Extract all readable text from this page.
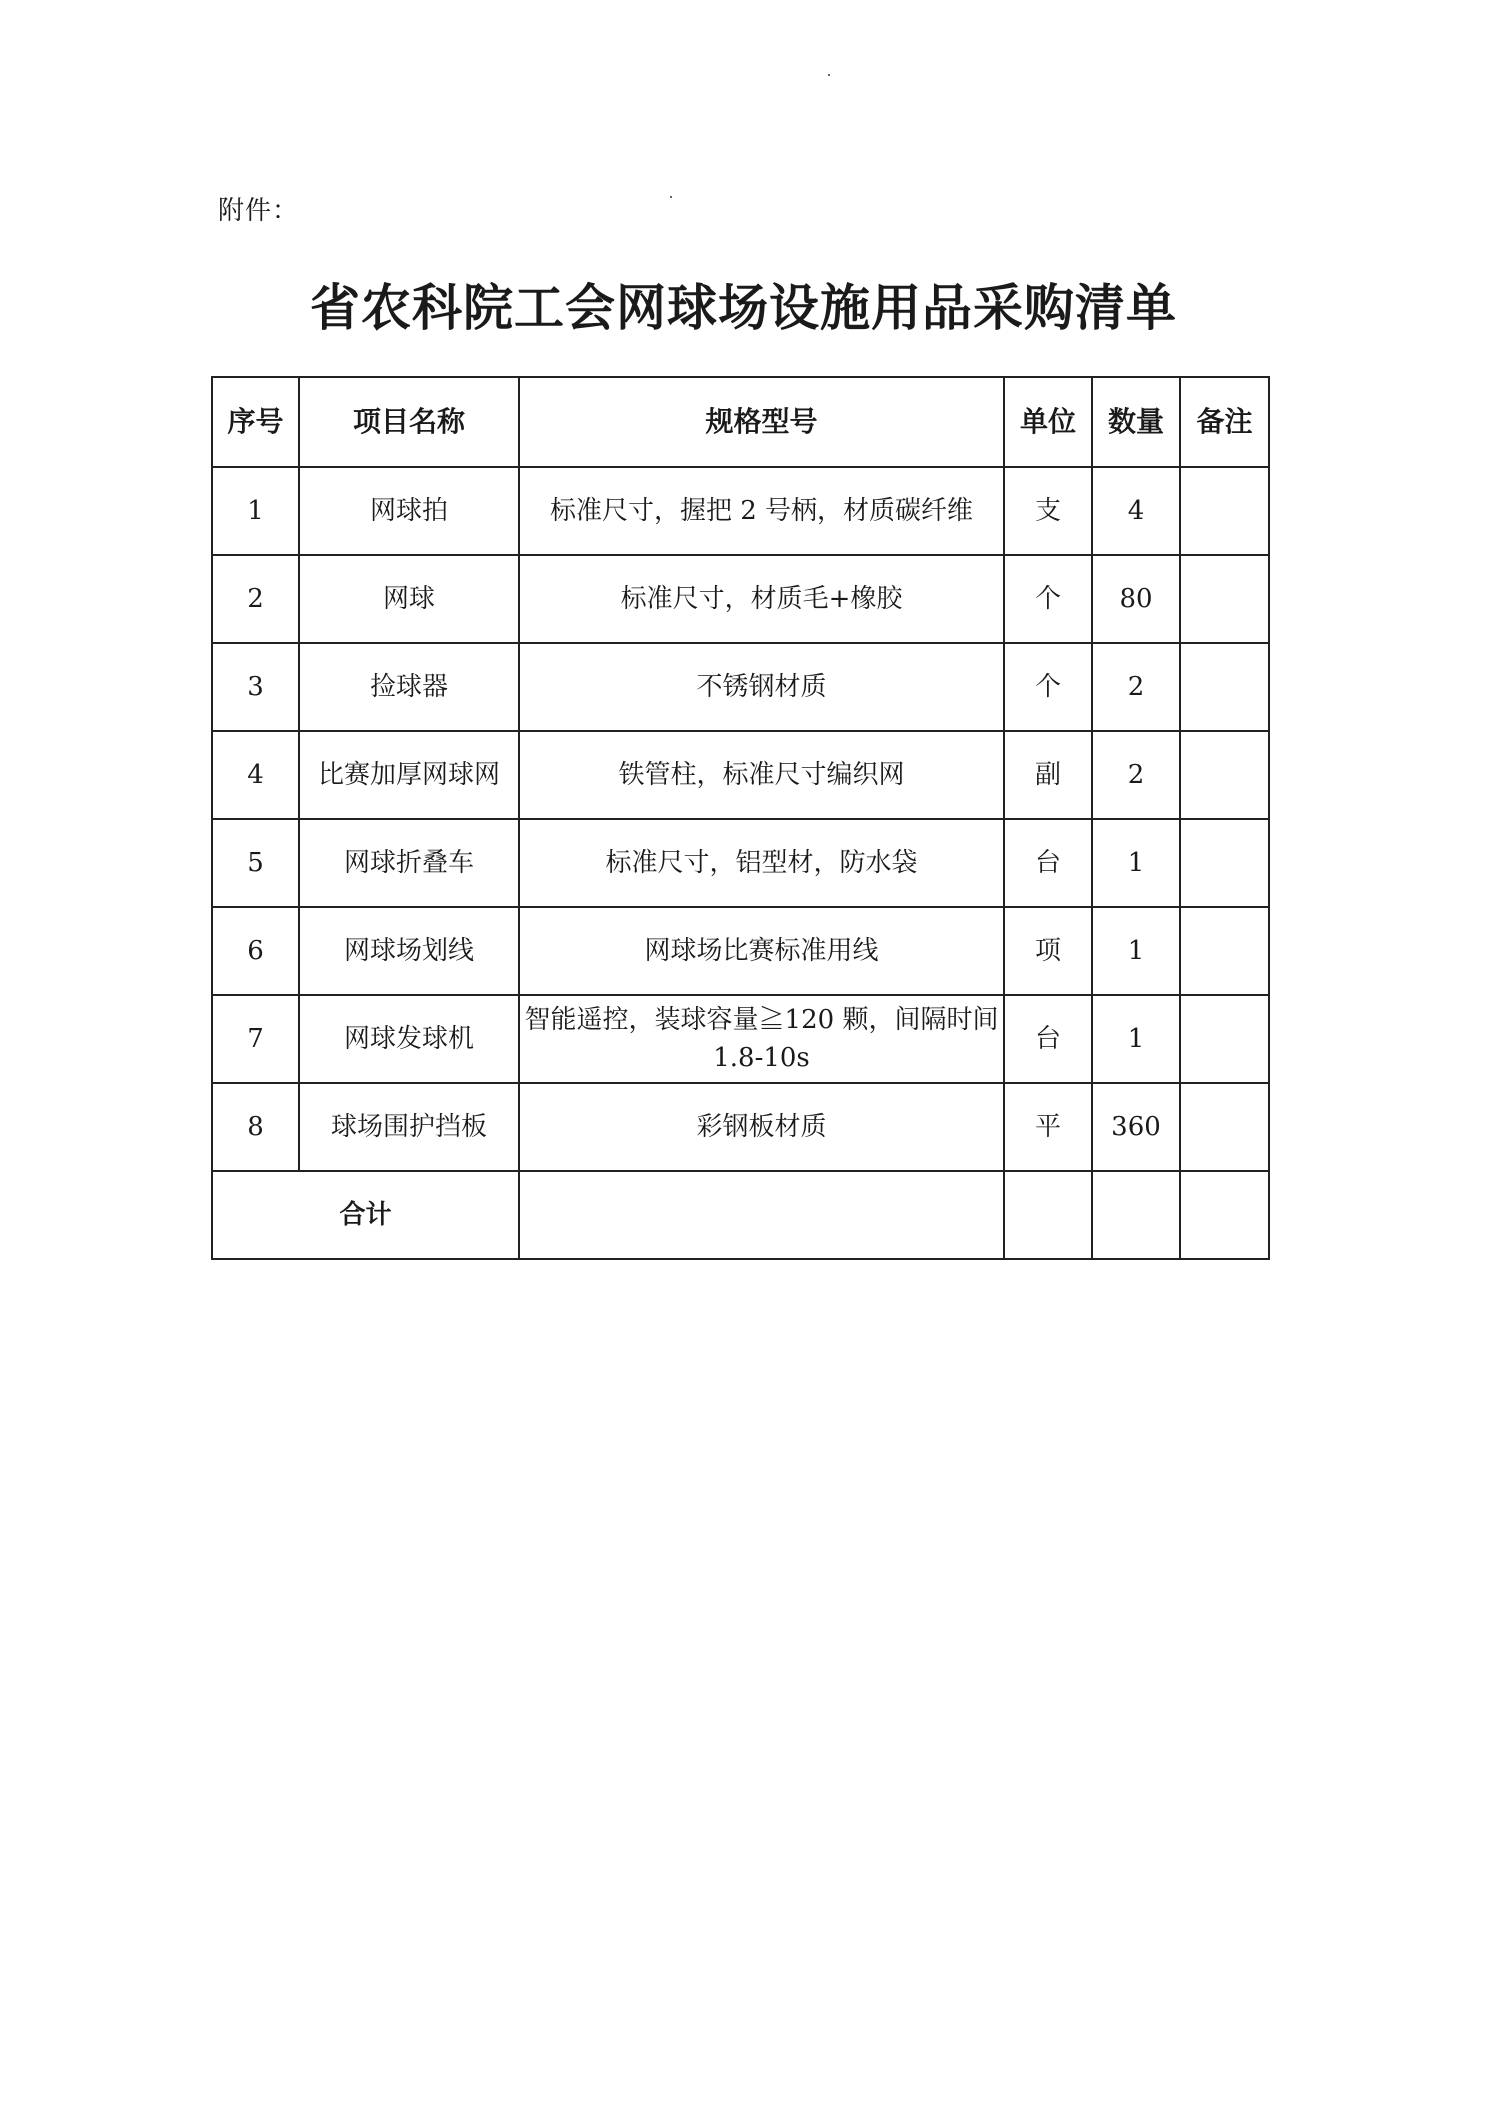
附件：
省农科院工会网球场设施用品采购清单
序号	项目名称	规格型号	单位	数量	备注
1	网球拍	标准尺寸，握把 2 号柄，材质碳纤维	支	4	
2	网球	标准尺寸，材质毛+橡胶	个	80	
3	捡球器	不锈钢材质	个	2	
4	比赛加厚网球网	铁管柱，标准尺寸编织网	副	2	
5	网球折叠车	标准尺寸，铝型材，防水袋	台	1	
6	网球场划线	网球场比赛标准用线	项	1	
7	网球发球机	智能遥控，装球容量≧120 颗，间隔时间 1.8-10s	台	1	
8	球场围护挡板	彩钢板材质	平	360	
合计					
